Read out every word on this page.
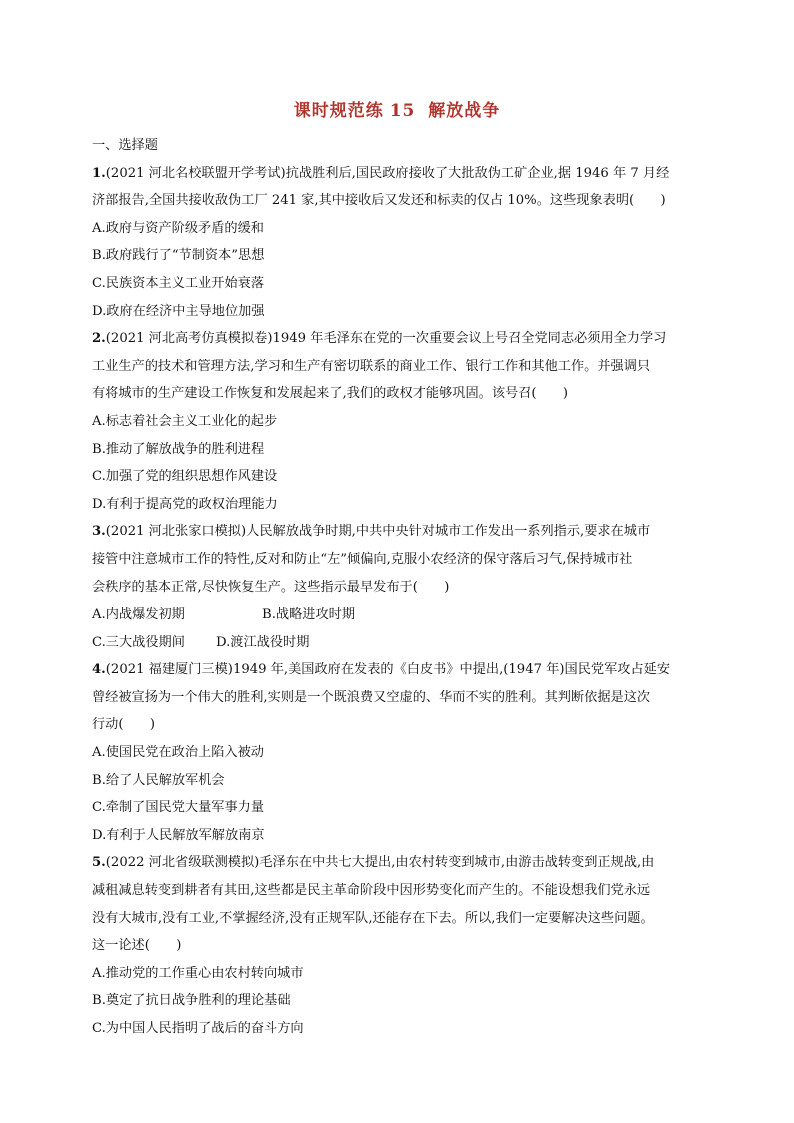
课时规范练 15 解放战争
一、选择题
1.(2021 河北名校联盟开学考试)抗战胜利后,国民政府接收了大批敌伪工矿企业,据 1946 年 7 月经
济部报告,全国共接收敌伪工厂 241 家,其中接收后又发还和标卖的仅占 10%。这些现象表明(　　)
A.政府与资产阶级矛盾的缓和
B.政府践行了“节制资本”思想
C.民族资本主义工业开始衰落
D.政府在经济中主导地位加强
2.(2021 河北高考仿真模拟卷)1949 年毛泽东在党的一次重要会议上号召全党同志必须用全力学习
工业生产的技术和管理方法,学习和生产有密切联系的商业工作、银行工作和其他工作。并强调只
有将城市的生产建设工作恢复和发展起来了,我们的政权才能够巩固。该号召(　　)
A.标志着社会主义工业化的起步
B.推动了解放战争的胜利进程
C.加强了党的组织思想作风建设
D.有利于提高党的政权治理能力
3.(2021 河北张家口模拟)人民解放战争时期,中共中央针对城市工作发出一系列指示,要求在城市
接管中注意城市工作的特性,反对和防止“左”倾偏向,克服小农经济的保守落后习气,保持城市社
会秩序的基本正常,尽快恢复生产。这些指示最早发布于(　　)
A.内战爆发初期	B.战略进攻时期
C.三大战役期间 D.渡江战役时期
4.(2021 福建厦门三模)1949 年,美国政府在发表的《白皮书》中提出,(1947 年)国民党军攻占延安
曾经被宣扬为一个伟大的胜利,实则是一个既浪费又空虚的、华而不实的胜利。其判断依据是这次
行动(　　)
A.使国民党在政治上陷入被动
B.给了人民解放军机会
C.牵制了国民党大量军事力量
D.有利于人民解放军解放南京
5.(2022 河北省级联测模拟)毛泽东在中共七大提出,由农村转变到城市,由游击战转变到正规战,由
减租减息转变到耕者有其田,这些都是民主革命阶段中因形势变化而产生的。不能设想我们党永远
没有大城市,没有工业,不掌握经济,没有正规军队,还能存在下去。所以,我们一定要解决这些问题。
这一论述(　　)
A.推动党的工作重心由农村转向城市
B.奠定了抗日战争胜利的理论基础
C.为中国人民指明了战后的奋斗方向
